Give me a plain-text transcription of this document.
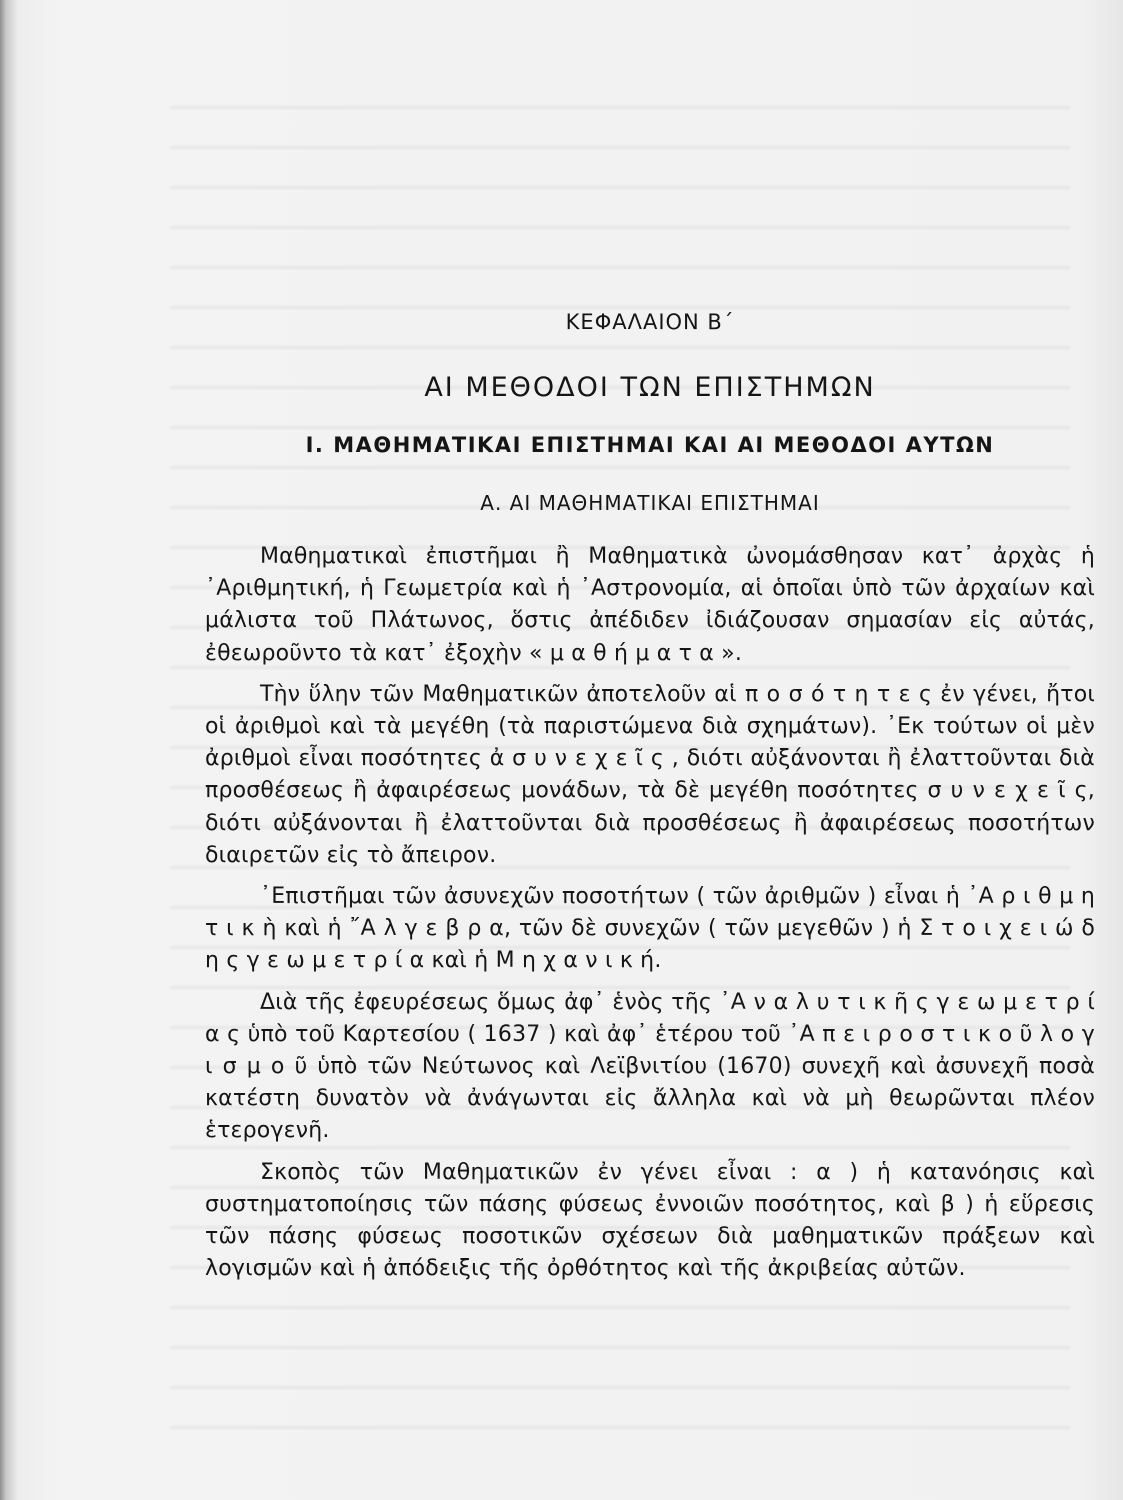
ΚΕΦΑΛΑΙΟΝ Β΄
ΑΙ ΜΕΘΟΔΟΙ ΤΩΝ ΕΠΙΣΤΗΜΩΝ
Ι. ΜΑΘΗΜΑΤΙΚΑΙ ΕΠΙΣΤΗΜΑΙ ΚΑΙ ΑΙ ΜΕΘΟΔΟΙ ΑΥΤΩΝ
Α. ΑΙ ΜΑΘΗΜΑΤΙΚΑΙ ΕΠΙΣΤΗΜΑΙ

Μαθηματικαὶ ἐπιστῆμαι ἢ Μαθηματικὰ ὠνομάσθησαν κατ᾽ ἀρχὰς ἡ ᾽Αριθμητική, ἡ Γεωμετρία καὶ ἡ ᾽Αστρονομία, αἱ ὁποῖαι ὑπὸ τῶν ἀρχαίων καὶ μάλιστα τοῦ Πλάτωνος, ὅστις ἀπέδιδεν ἰδιάζουσαν σημασίαν εἰς αὐτάς, ἐθεωροῦντο τὰ κατ᾽ ἐξοχὴν « μ α θ ή μ α τ α ».

Τὴν ὕλην τῶν Μαθηματικῶν ἀποτελοῦν αἱ π ο σ ό τ η τ ε ς ἐν γένει, ἤτοι οἱ ἀριθμοὶ καὶ τὰ μεγέθη (τὰ παριστώμενα διὰ σχημάτων). ᾽Εκ τούτων οἱ μὲν ἀριθμοὶ εἶναι ποσότητες ἀ σ υ ν ε χ ε ῖ ς , διότι αὐξάνονται ἢ ἐλαττοῦνται διὰ προσθέσεως ἢ ἀφαιρέσεως μονάδων, τὰ δὲ μεγέθη ποσότητες σ υ ν ε χ ε ῖ ς, διότι αὐξάνονται ἢ ἐλαττοῦνται διὰ προσθέσεως ἢ ἀφαιρέσεως ποσοτήτων διαιρετῶν εἰς τὸ ἄπειρον.

᾽Επιστῆμαι τῶν ἀσυνεχῶν ποσοτήτων ( τῶν ἀριθμῶν ) εἶναι ἡ ᾽Α ρ ι θ μ η τ ι κ ὴ καὶ ἡ ῎Α λ γ ε β ρ α, τῶν δὲ συνεχῶν ( τῶν μεγεθῶν ) ἡ Σ τ ο ι χ ε ι ώ δ η ς γ ε ω μ ε τ ρ ί α καὶ ἡ Μ η χ α ν ι κ ή.

Διὰ τῆς ἐφευρέσεως ὅμως ἀφ᾽ ἑνὸς τῆς ᾽Α ν α λ υ τ ι κ ῆ ς γ ε ω μ ε τ ρ ί α ς ὑπὸ τοῦ Καρτεσίου ( 1637 ) καὶ ἀφ᾽ ἑτέρου τοῦ ᾽Α π ε ι ρ ο σ τ ι κ ο ῦ λ ο γ ι σ μ ο ῦ ὑπὸ τῶν Νεύτωνος καὶ Λεϊβνιτίου (1670) συνεχῆ καὶ ἀσυνεχῆ ποσὰ κατέστη δυνατὸν νὰ ἀνάγωνται εἰς ἄλληλα καὶ νὰ μὴ θεωρῶνται πλέον ἑτερογενῆ.

Σκοπὸς τῶν Μαθηματικῶν ἐν γένει εἶναι : α ) ἡ κατανόησις καὶ συστηματοποίησις τῶν πάσης φύσεως ἐννοιῶν ποσότητος, καὶ β ) ἡ εὕρεσις τῶν πάσης φύσεως ποσοτικῶν σχέσεων διὰ μαθηματικῶν πράξεων καὶ λογισμῶν καὶ ἡ ἀπόδειξις τῆς ὀρθότητος καὶ τῆς ἀκριβείας αὐτῶν.
